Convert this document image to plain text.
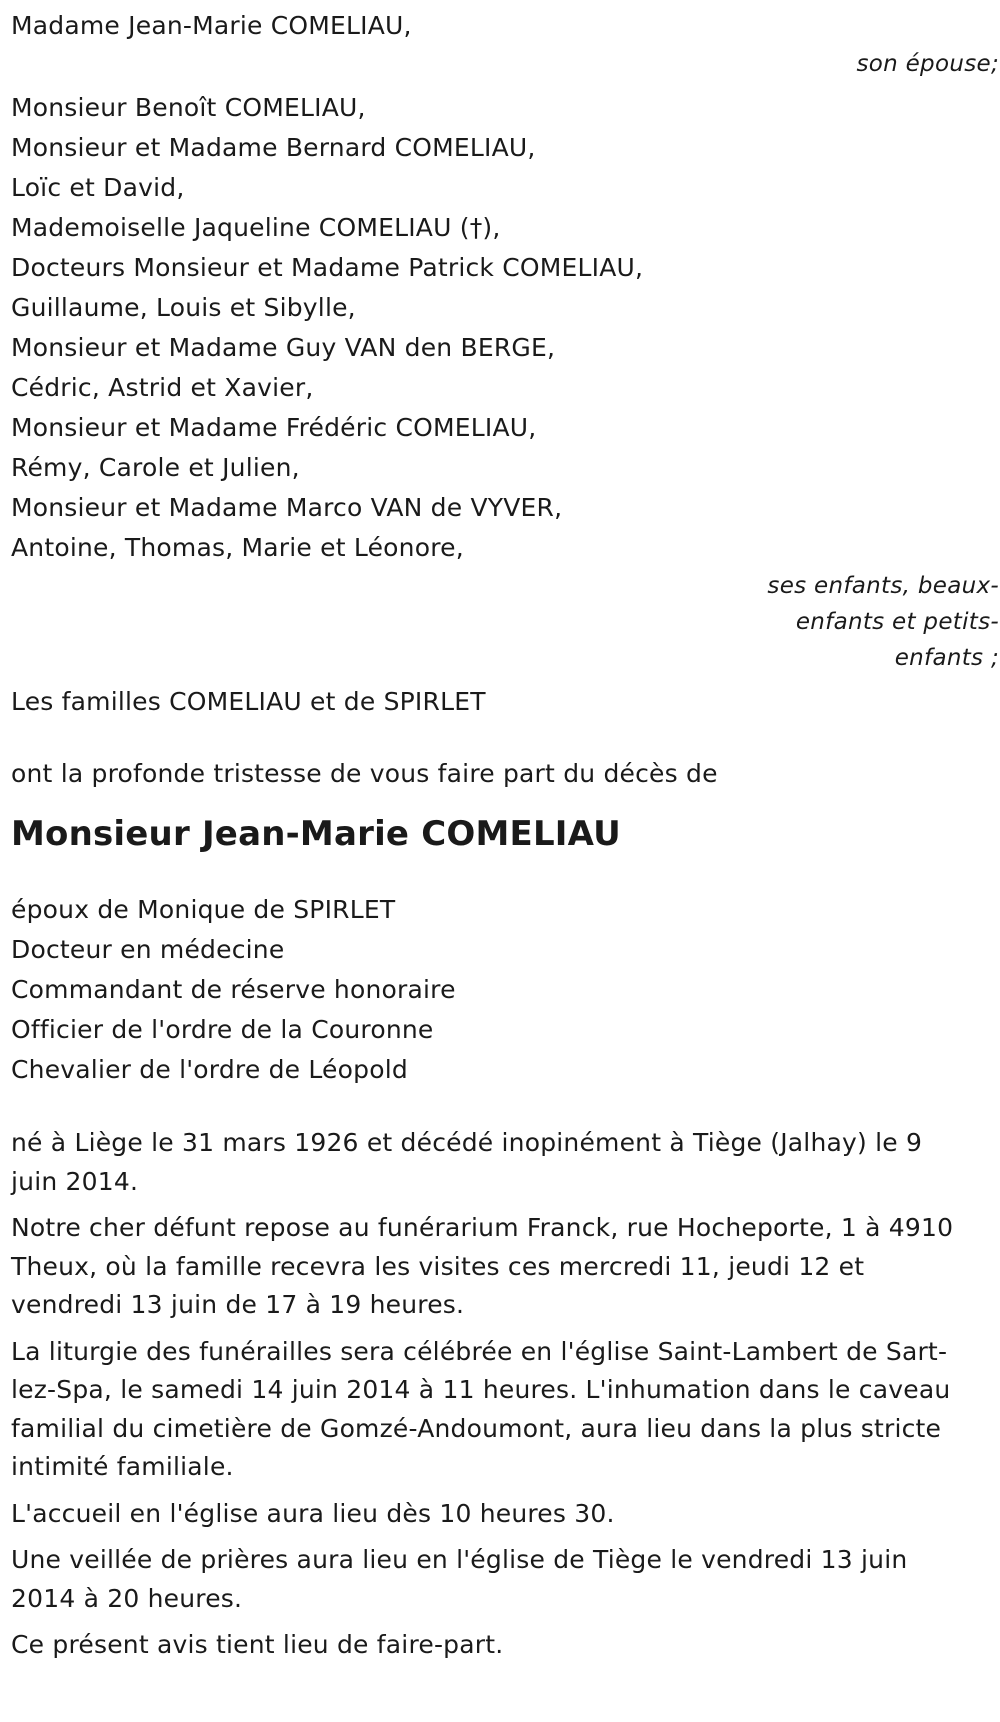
Madame Jean-Marie COMELIAU,
son épouse;
Monsieur Benoît COMELIAU,
Monsieur et Madame Bernard COMELIAU,
Loïc et David,
Mademoiselle Jaqueline COMELIAU (†),
Docteurs Monsieur et Madame Patrick COMELIAU,
Guillaume, Louis et Sibylle,
Monsieur et Madame Guy VAN den BERGE,
Cédric, Astrid et Xavier,
Monsieur et Madame Frédéric COMELIAU,
Rémy, Carole et Julien,
Monsieur et Madame Marco VAN de VYVER,
Antoine, Thomas, Marie et Léonore,
ses enfants, beaux-
enfants et petits-
enfants ;
Les familles COMELIAU et de SPIRLET
ont la profonde tristesse de vous faire part du décès de
Monsieur Jean-Marie COMELIAU
époux de Monique de SPIRLET
Docteur en médecine
Commandant de réserve honoraire
Officier de l'ordre de la Couronne
Chevalier de l'ordre de Léopold

né à Liège le 31 mars 1926 et décédé inopinément à Tiège (Jalhay) le 9 juin 2014.

Notre cher défunt repose au funérarium Franck, rue Hocheporte, 1 à 4910 Theux, où la famille recevra les visites ces mercredi 11, jeudi 12 et vendredi 13 juin de 17 à 19 heures.

La liturgie des funérailles sera célébrée en l'église Saint-Lambert de Sart-lez-Spa, le samedi 14 juin 2014 à 11 heures. L'inhumation dans le caveau familial du cimetière de Gomzé-Andoumont, aura lieu dans la plus stricte intimité familiale.

L'accueil en l'église aura lieu dès 10 heures 30.

Une veillée de prières aura lieu en l'église de Tiège le vendredi 13 juin 2014 à 20 heures.

Ce présent avis tient lieu de faire-part.
